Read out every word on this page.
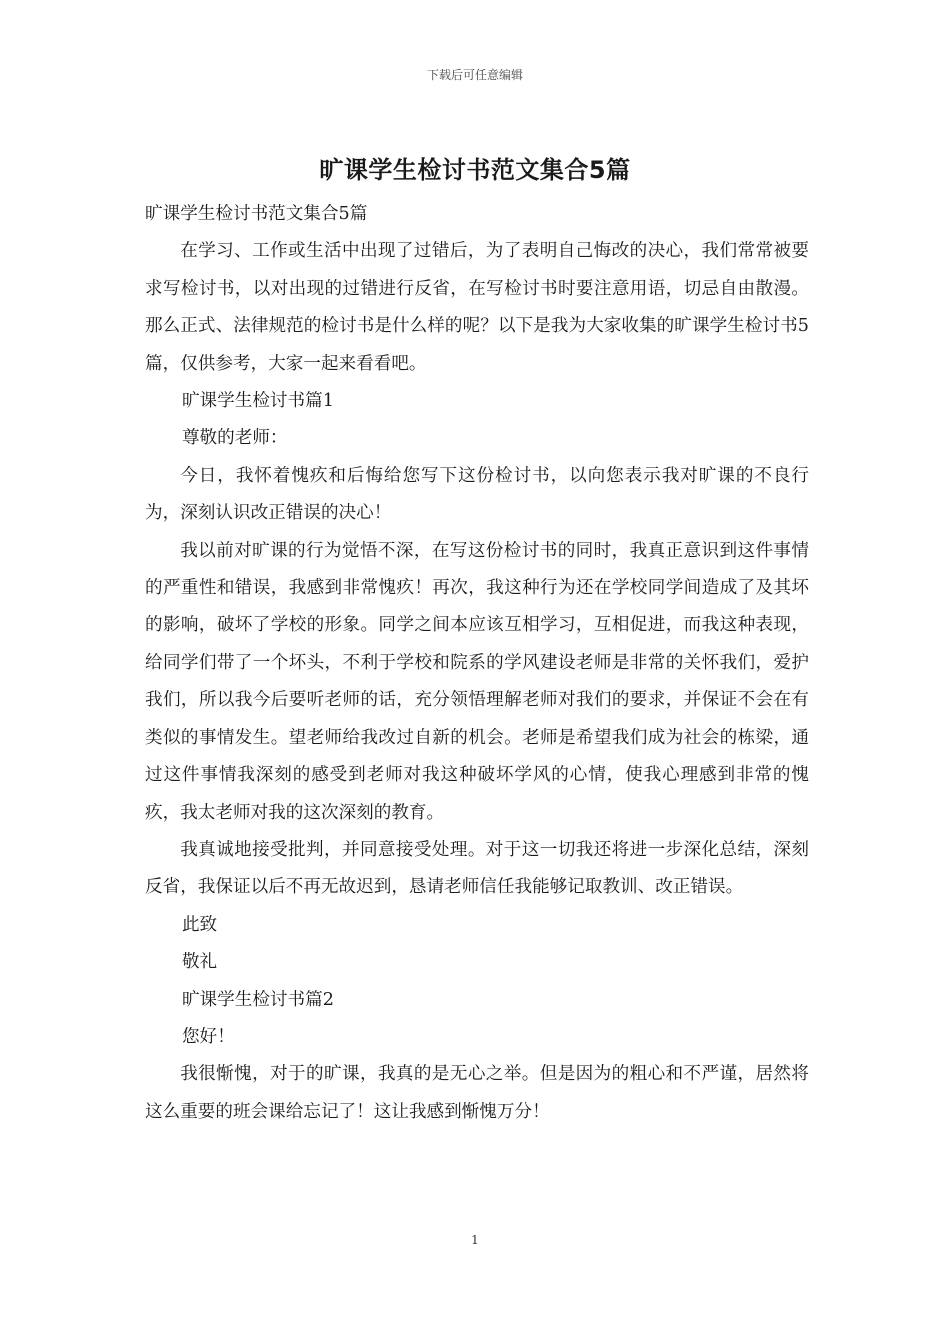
下载后可任意编辑
旷课学生检讨书范文集合5篇

旷课学生检讨书范文集合5篇

在学习、工作或生活中出现了过错后，为了表明自己悔改的决心，我们常常被要求写检讨书，以对出现的过错进行反省，在写检讨书时要注意用语，切忌自由散漫。那么正式、法律规范的检讨书是什么样的呢？以下是我为大家收集的旷课学生检讨书5篇，仅供参考，大家一起来看看吧。

旷课学生检讨书篇1

尊敬的老师：

今日，我怀着愧疚和后悔给您写下这份检讨书，以向您表示我对旷课的不良行为，深刻认识改正错误的决心！

我以前对旷课的行为觉悟不深，在写这份检讨书的同时，我真正意识到这件事情的严重性和错误，我感到非常愧疚！再次，我这种行为还在学校同学间造成了及其坏的影响，破坏了学校的形象。同学之间本应该互相学习，互相促进，而我这种表现，给同学们带了一个坏头，不利于学校和院系的学风建设老师是非常的关怀我们，爱护我们，所以我今后要听老师的话，充分领悟理解老师对我们的要求，并保证不会在有类似的事情发生。望老师给我改过自新的机会。老师是希望我们成为社会的栋梁，通过这件事情我深刻的感受到老师对我这种破坏学风的心情，使我心理感到非常的愧疚，我太老师对我的这次深刻的教育。

我真诚地接受批判，并同意接受处理。对于这一切我还将进一步深化总结，深刻反省，我保证以后不再无故迟到，恳请老师信任我能够记取教训、改正错误。

此致

敬礼

旷课学生检讨书篇2

您好！

我很惭愧，对于的旷课，我真的是无心之举。但是因为的粗心和不严谨，居然将这么重要的班会课给忘记了！这让我感到惭愧万分！

1
